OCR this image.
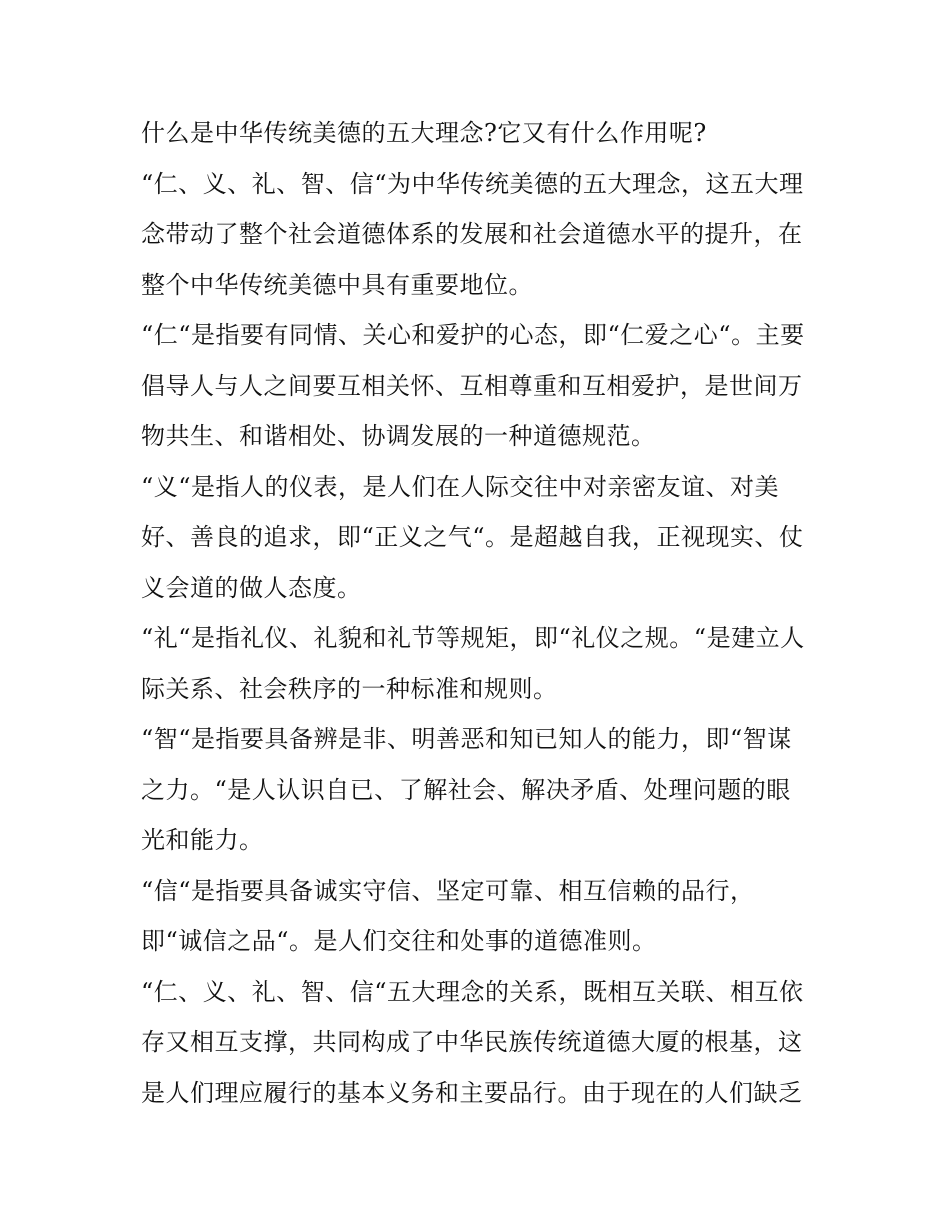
什么是中华传统美德的五大理念?它又有什么作用呢?
“仁、义、礼、智、信“为中华传统美德的五大理念，这五大理
念带动了整个社会道德体系的发展和社会道德水平的提升，在
整个中华传统美德中具有重要地位。
“仁“是指要有同情、关心和爱护的心态，即“仁爱之心“。主要
倡导人与人之间要互相关怀、互相尊重和互相爱护，是世间万
物共生、和谐相处、协调发展的一种道德规范。
“义“是指人的仪表，是人们在人际交往中对亲密友谊、对美
好、善良的追求，即“正义之气“。是超越自我，正视现实、仗
义会道的做人态度。
“礼“是指礼仪、礼貌和礼节等规矩，即“礼仪之规。“是建立人
际关系、社会秩序的一种标准和规则。
“智“是指要具备辨是非、明善恶和知已知人的能力，即“智谋
之力。“是人认识自已、了解社会、解决矛盾、处理问题的眼
光和能力。
“信“是指要具备诚实守信、坚定可靠、相互信赖的品行，
即“诚信之品“。是人们交往和处事的道德准则。
“仁、义、礼、智、信“五大理念的关系，既相互关联、相互依
存又相互支撑，共同构成了中华民族传统道德大厦的根基，这
是人们理应履行的基本义务和主要品行。由于现在的人们缺乏
